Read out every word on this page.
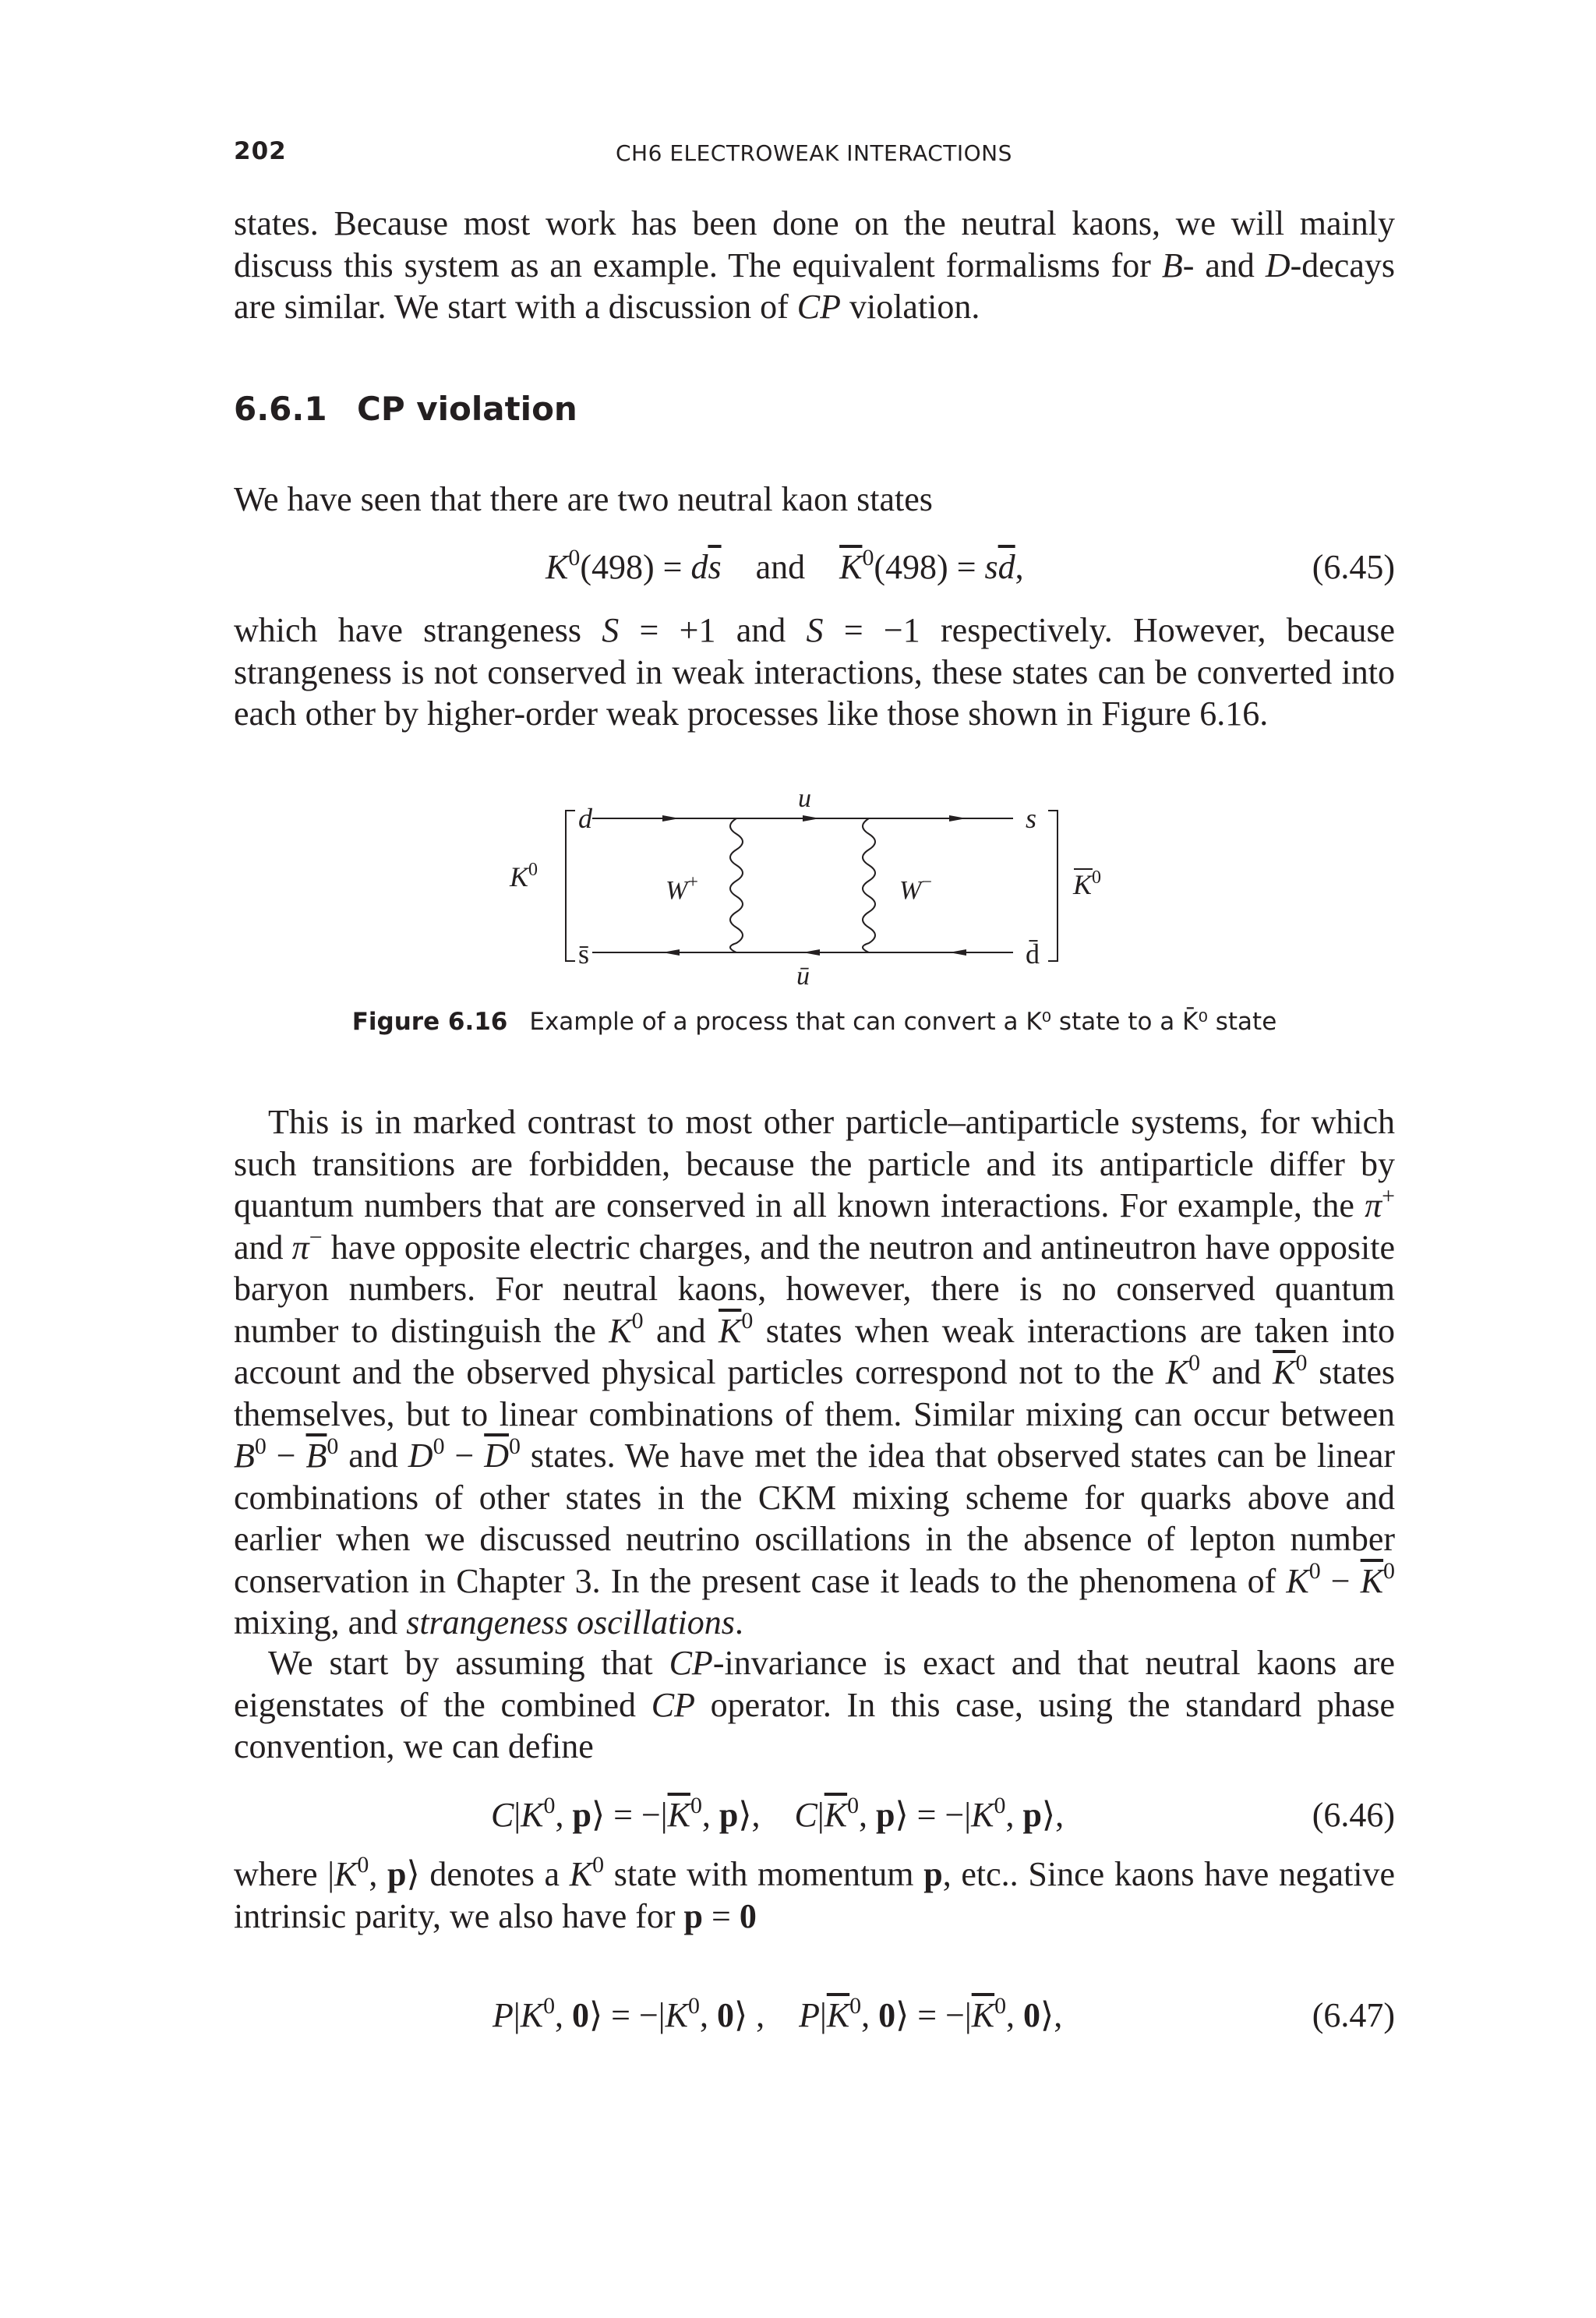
202	CH6 ELECTROWEAK INTERACTIONS

states. Because most work has been done on the neutral kaons, we will mainly discuss this system as an example. The equivalent formalisms for B- and D-decays are similar. We start with a discussion of CP violation.

6.6.1 CP violation

We have seen that there are two neutral kaon states

$K^0(498) = d\overline{s}$    and    $\overline{K}^0(498) = s\overline{d}$,	(6.45)

which have strangeness S = +1 and S = −1 respectively. However, because strangeness is not conserved in weak interactions, these states can be converted into each other by higher-order weak processes like those shown in Figure 6.16.

d
u
s
s̄
ū
d̄
$K^0$	$K^0$
W+	W−
Figure 6.16 Example of a process that can convert a K⁰ state to a K̄⁰ state

This is in marked contrast to most other particle–antiparticle systems, for which such transitions are forbidden, because the particle and its antiparticle differ by quantum numbers that are conserved in all known interactions. For example, the π+ and π− have opposite electric charges, and the neutron and antineutron have opposite baryon numbers. For neutral kaons, however, there is no conserved quantum number to distinguish the $K^0$ and $\overline{K}^0$ states when weak interactions are taken into account and the observed physical particles correspond not to the $K^0$ and $\overline{K}^0$ states themselves, but to linear combinations of them. Similar mixing can occur between $B^0 - \overline{B}^0$ and $D^0 - \overline{D}^0$ states. We have met the idea that observed states can be linear combinations of other states in the CKM mixing scheme for quarks above and earlier when we discussed neutrino oscillations in the absence of lepton number conservation in Chapter 3. In the present case it leads to the phenomena of $K^0 - \overline{K}^0$ mixing, and strangeness oscillations.

We start by assuming that CP-invariance is exact and that neutral kaons are eigenstates of the combined CP operator. In this case, using the standard phase convention, we can define

$C|K^0$, p⟩ = $-|\overline{K}^0$, p⟩,    $C|\overline{K}^0$, p⟩ = $-|K^0$, p⟩,	(6.46)

where $|K^0$, p⟩ denotes a $K^0$ state with momentum p, etc.. Since kaons have negative intrinsic parity, we also have for p = 0

$P|K^0$, 0⟩ = $-|K^0$, 0⟩ ,    $P|\overline{K}^0$, 0⟩ = $-|\overline{K}^0$, 0⟩,	(6.47)
